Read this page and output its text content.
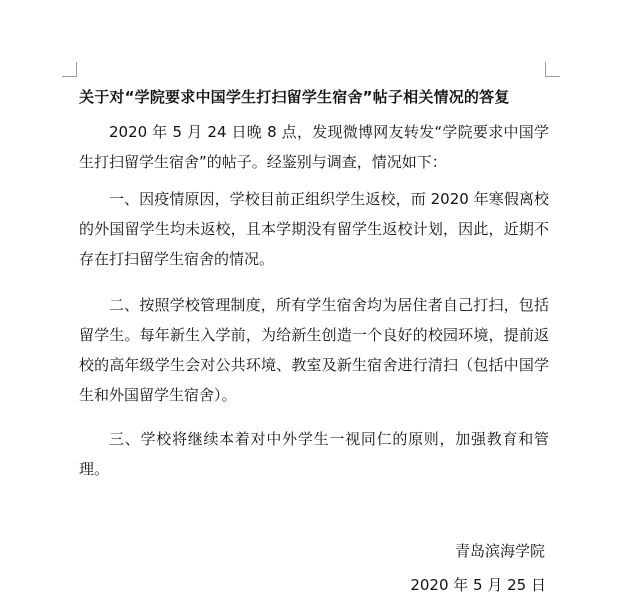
关于对“学院要求中国学生打扫留学生宿舍”帖子相关情况的答复

2020 年 5 月 24 日晚 8 点，发现微博网友转发“学院要求中国学生打扫留学生宿舍”的帖子。经鉴别与调查，情况如下：

一、因疫情原因，学校目前正组织学生返校，而 2020 年寒假离校的外国留学生均未返校，且本学期没有留学生返校计划，因此，近期不存在打扫留学生宿舍的情况。

二、按照学校管理制度，所有学生宿舍均为居住者自己打扫，包括留学生。每年新生入学前，为给新生创造一个良好的校园环境，提前返校的高年级学生会对公共环境、教室及新生宿舍进行清扫（包括中国学生和外国留学生宿舍）。

三、学校将继续本着对中外学生一视同仁的原则，加强教育和管理。

青岛滨海学院
2020 年 5 月 25 日
